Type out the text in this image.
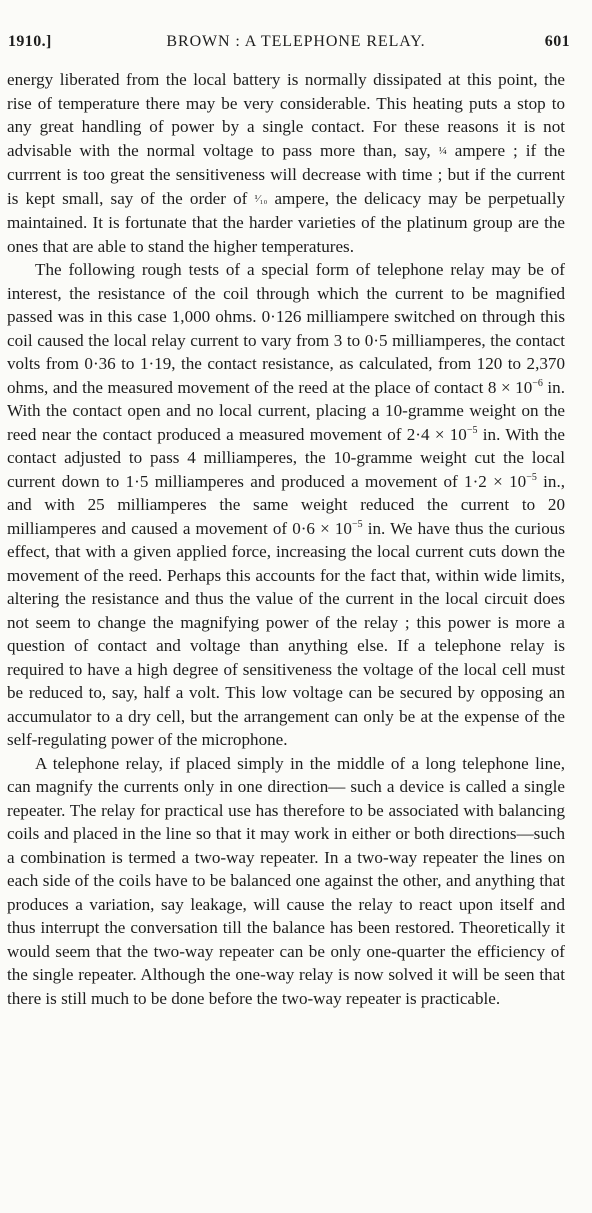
1910.]	BROWN : A TELEPHONE RELAY.	601

energy liberated from the local battery is normally dissipated at this point, the rise of temperature there may be very considerable. This heating puts a stop to any great handling of power by a single contact. For these reasons it is not advisable with the normal voltage to pass more than, say, ¼ ampere ; if the currrent is too great the sensitiveness will decrease with time ; but if the current is kept small, say of the order of ¹⁄₁₀ ampere, the delicacy may be perpetually maintained. It is fortunate that the harder varieties of the platinum group are the ones that are able to stand the higher temperatures.

The following rough tests of a special form of telephone relay may be of interest, the resistance of the coil through which the current to be magnified passed was in this case 1,000 ohms. 0·126 milliampere switched on through this coil caused the local relay current to vary from 3 to 0·5 milliamperes, the contact volts from 0·36 to 1·19, the contact resistance, as calculated, from 120 to 2,370 ohms, and the measured movement of the reed at the place of contact $8 \times 10^{-6}$ in. With the contact open and no local current, placing a 10-gramme weight on the reed near the contact produced a measured movement of $2\cdot 4 \times 10^{-5}$ in. With the contact adjusted to pass 4 milliamperes, the 10-gramme weight cut the local current down to 1·5 milliamperes and produced a movement of $1\cdot 2 \times 10^{-5}$ in., and with 25 milliamperes the same weight reduced the current to 20 milliamperes and caused a movement of $0\cdot 6 \times 10^{-5}$ in. We have thus the curious effect, that with a given applied force, increasing the local current cuts down the movement of the reed. Perhaps this accounts for the fact that, within wide limits, altering the resistance and thus the value of the current in the local circuit does not seem to change the magnifying power of the relay ; this power is more a question of contact and voltage than anything else. If a telephone relay is required to have a high degree of sensitiveness the voltage of the local cell must be reduced to, say, half a volt. This low voltage can be secured by opposing an accumulator to a dry cell, but the arrangement can only be at the expense of the self-regulating power of the microphone.

A telephone relay, if placed simply in the middle of a long telephone line, can magnify the currents only in one direction— such a device is called a single repeater. The relay for practical use has therefore to be associated with balancing coils and placed in the line so that it may work in either or both directions—such a combination is termed a two-way repeater. In a two-way repeater the lines on each side of the coils have to be balanced one against the other, and anything that produces a variation, say leakage, will cause the relay to react upon itself and thus interrupt the conversation till the balance has been restored. Theoretically it would seem that the two-way repeater can be only one-quarter the efficiency of the single repeater. Although the one-way relay is now solved it will be seen that there is still much to be done before the two-way repeater is practicable.
